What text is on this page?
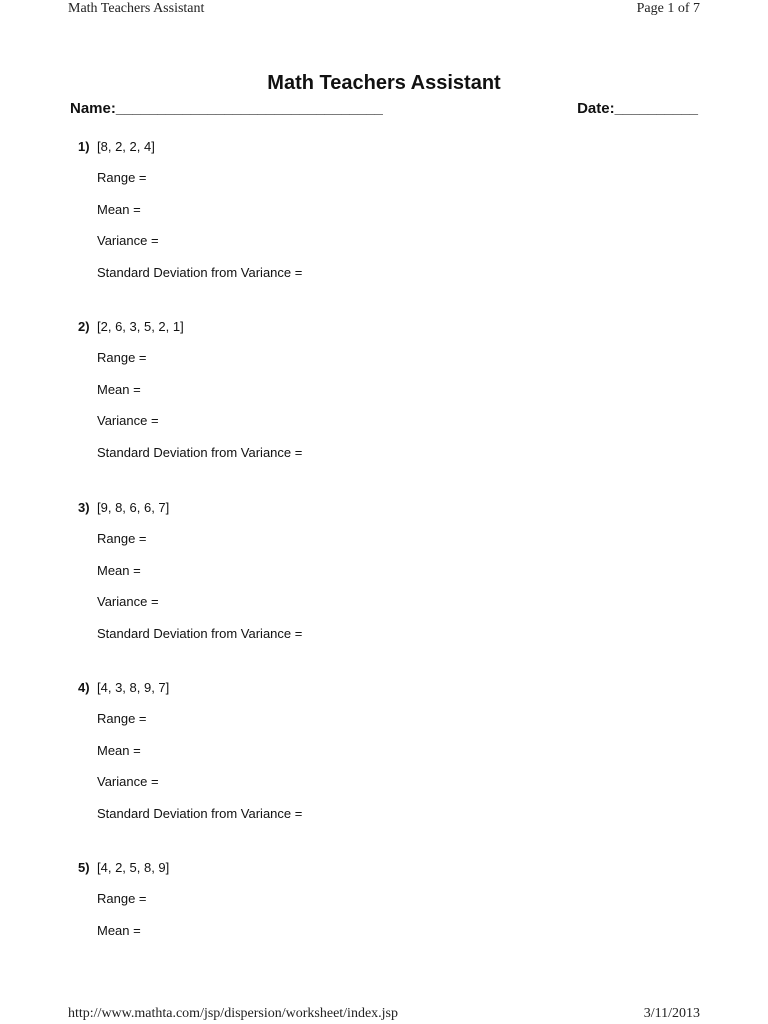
Math Teachers Assistant	Page 1 of 7
Math Teachers Assistant
Name:________________________________	Date:__________
1) [8, 2, 2, 4]
Range =
Mean =
Variance =
Standard Deviation from Variance =
2) [2, 6, 3, 5, 2, 1]
Range =
Mean =
Variance =
Standard Deviation from Variance =
3) [9, 8, 6, 6, 7]
Range =
Mean =
Variance =
Standard Deviation from Variance =
4) [4, 3, 8, 9, 7]
Range =
Mean =
Variance =
Standard Deviation from Variance =
5) [4, 2, 5, 8, 9]
Range =
Mean =
http://www.mathta.com/jsp/dispersion/worksheet/index.jsp	3/11/2013
